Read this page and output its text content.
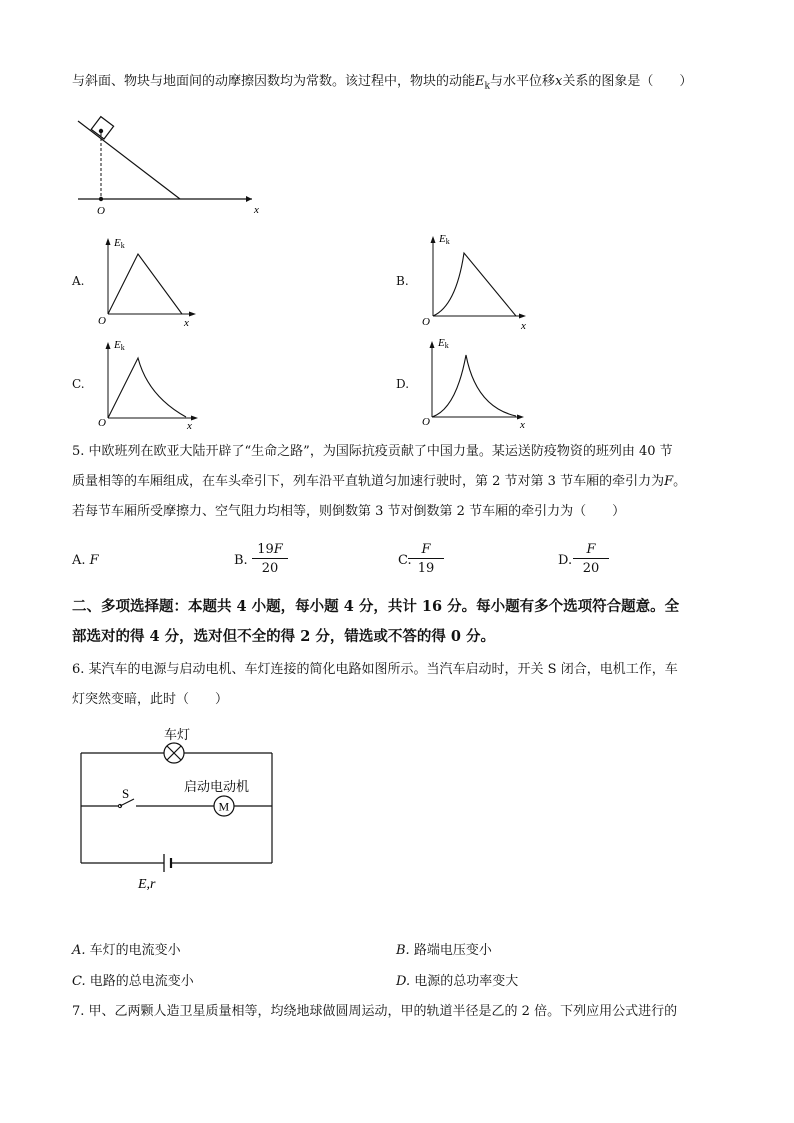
与斜面、物块与地面间的动摩擦因数均为常数。该过程中，物块的动能$E_k$与水平位移x关系的图象是（　　）
O	x
A.
Ek
O	x
B.
Ek
O	x
C.
Ek
O	x
D.
Ek
O	x
5. 中欧班列在欧亚大陆开辟了“生命之路”，为国际抗疫贡献了中国力量。某运送防疫物资的班列由 40 节
质量相等的车厢组成，在车头牵引下，列车沿平直轨道匀加速行驶时，第 2 节对第 3 节车厢的牵引力为F。
若每节车厢所受摩擦力、空气阻力均相等，则倒数第 3 节对倒数第 2 节车厢的牵引力为（　　）
A. F	B. $\frac{19F}{20}$	C.
$\frac{F}{19}$	D. $\frac{F}{20}$
二、多项选择题：本题共 4 小题，每小题 4 分，共计 16 分。每小题有多个选项符合题意。全
部选对的得 4 分，选对但不全的得 2 分，错选或不答的得 0 分。
6. 某汽车的电源与启动电机、车灯连接的简化电路如图所示。当汽车启动时，开关 S 闭合，电机工作，车
灯突然变暗，此时（　　）
车灯
S
M
启动电动机
E,r
A. 车灯的电流变小	B. 路端电压变小
C. 电路的总电流变小	D. 电源的总功率变大
7. 甲、乙两颗人造卫星质量相等，均绕地球做圆周运动，甲的轨道半径是乙的 2 倍。下列应用公式进行的
